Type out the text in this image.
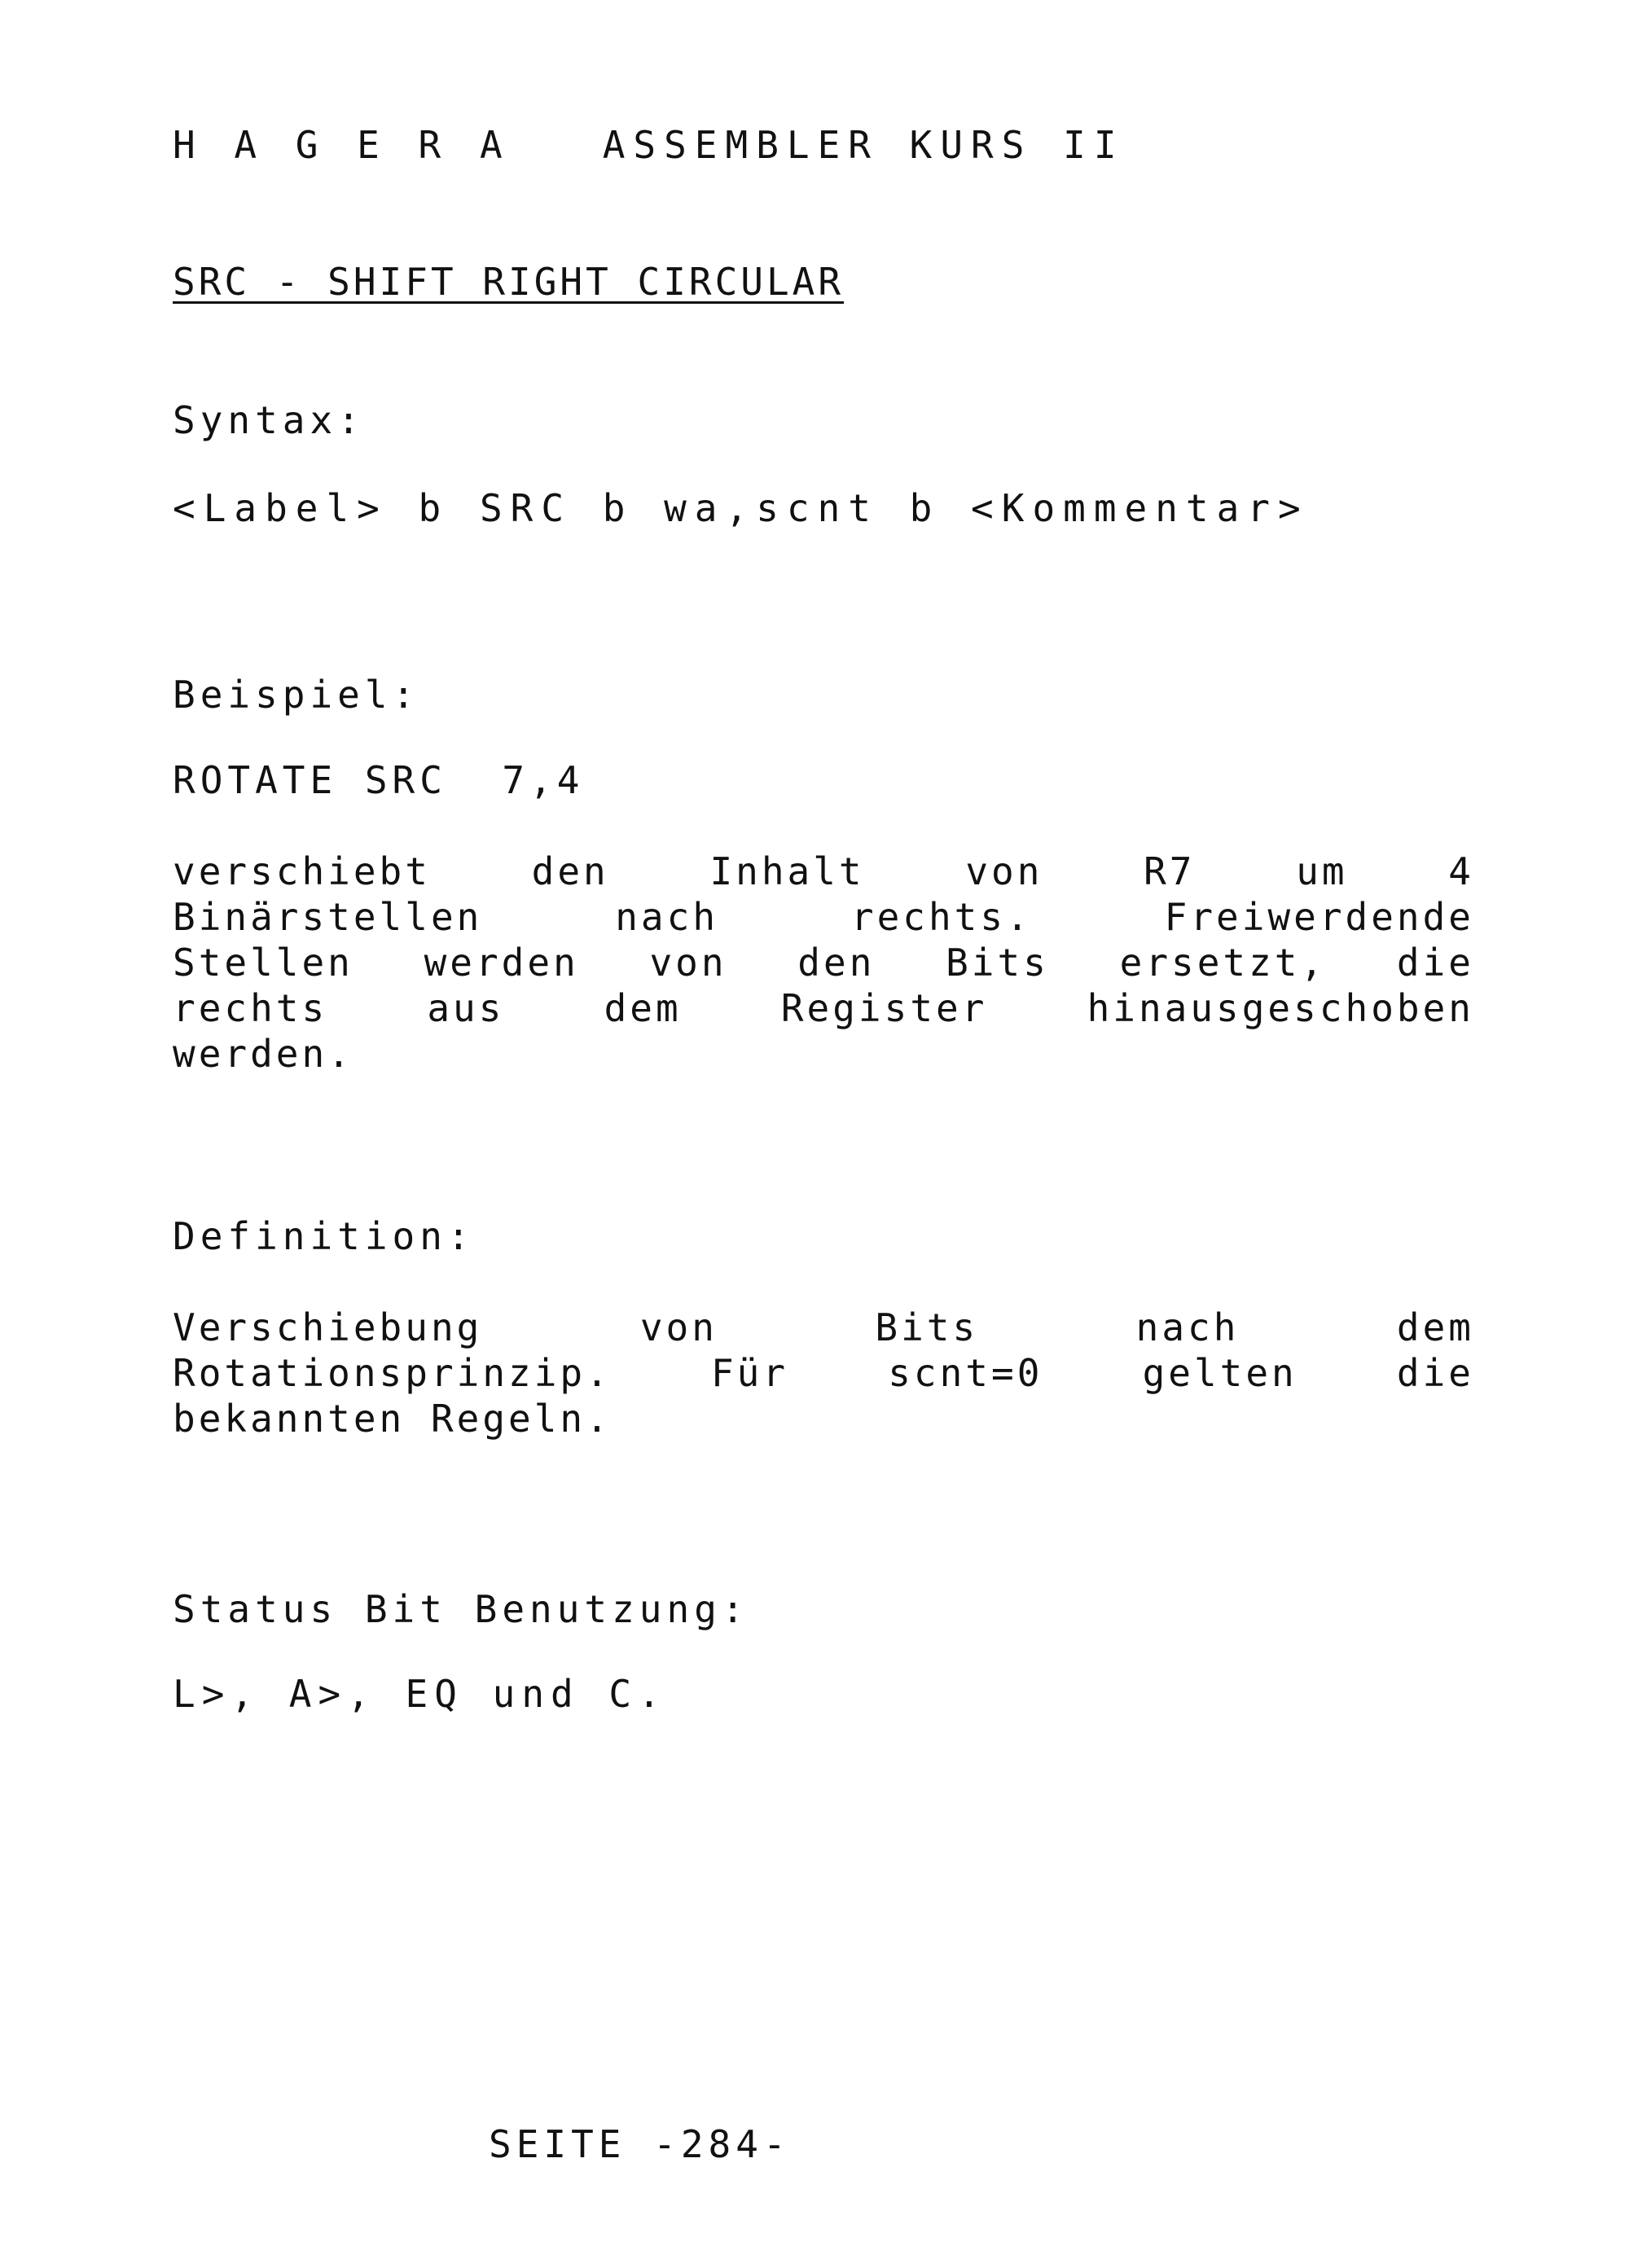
H A G E R A   ASSEMBLER KURS II
SRC - SHIFT RIGHT CIRCULAR
Syntax:
<Label> b SRC b wa,scnt b <Kommentar>
Beispiel:
ROTATE SRC  7,4
verschiebt den Inhalt von R7 um 4
Binärstellen nach rechts. Freiwerdende
Stellen werden von den Bits ersetzt, die
rechts aus dem Register hinausgeschoben
werden.
Definition:
Verschiebung von Bits nach dem
Rotationsprinzip. Für scnt=0 gelten die
bekannten Regeln.
Status Bit Benutzung:
L>, A>, EQ und C.
SEITE -284-
